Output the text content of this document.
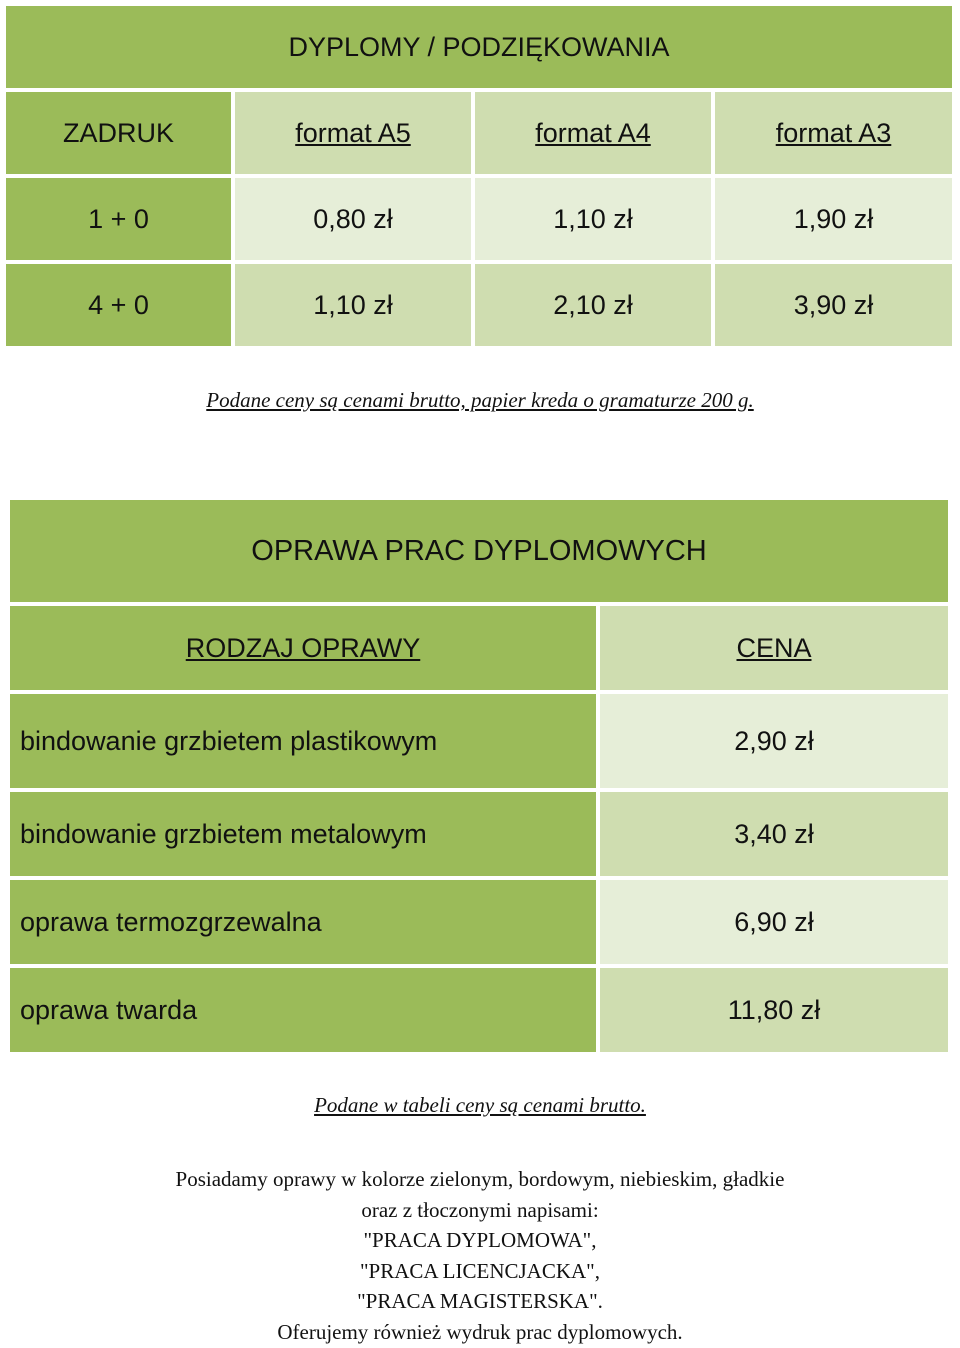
DYPLOMY / PODZIĘKOWANIA
ZADRUK	format A5	format A4	format A3
1 + 0	0,80 zł	1,10 zł	1,90 zł
4 + 0	1,10 zł	2,10 zł	3,90 zł
Podane ceny są cenami brutto, papier kreda o gramaturze 200 g.
OPRAWA PRAC DYPLOMOWYCH
RODZAJ OPRAWY	CENA
bindowanie grzbietem plastikowym	2,90 zł
bindowanie grzbietem metalowym	3,40 zł
oprawa termozgrzewalna	6,90 zł
oprawa twarda	11,80 zł
Podane w tabeli ceny są cenami brutto.
Posiadamy oprawy w kolorze zielonym, bordowym, niebieskim, gładkie
oraz z tłoczonymi napisami:
"PRACA DYPLOMOWA",
"PRACA LICENCJACKA",
"PRACA MAGISTERSKA".
Oferujemy również wydruk prac dyplomowych.
